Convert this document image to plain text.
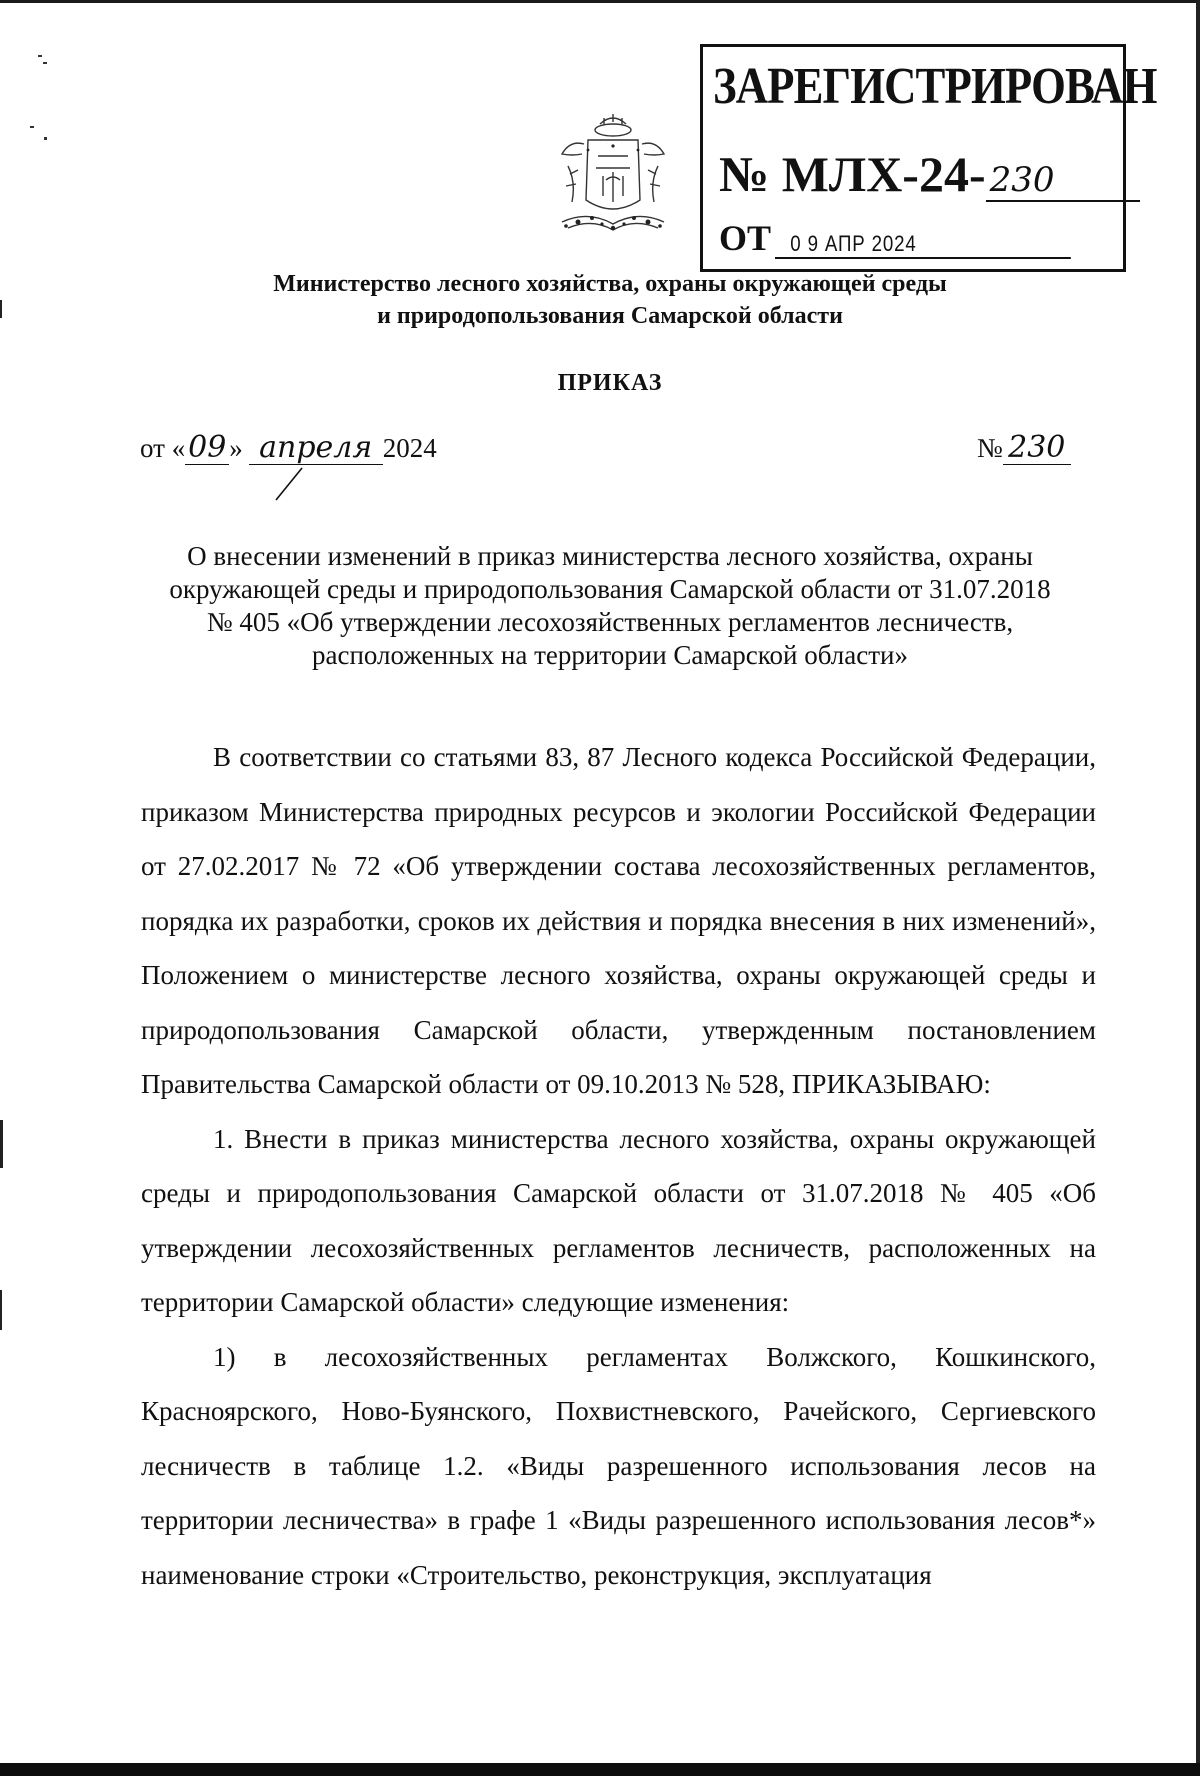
ЗАРЕГИСТРИРОВАН
№ МЛХ-24- 230
ОТ 0 9 АПР 2024
Министерство лесного хозяйства, охраны окружающей среды
и природопользования Самарской области
ПРИКАЗ
от «09 » апреля 2024	№ 230
О внесении изменений в приказ министерства лесного хозяйства, охраны
окружающей среды и природопользования Самарской области от 31.07.2018
№ 405 «Об утверждении лесохозяйственных регламентов лесничеств,
расположенных на территории Самарской области»

В соответствии со статьями 83, 87 Лесного кодекса Российской Федерации, приказом Министерства природных ресурсов и экологии Российской Федерации от 27.02.2017 № 72 «Об утверждении состава лесохозяйственных регламентов, порядка их разработки, сроков их действия и порядка внесения в них изменений», Положением о министерстве лесного хозяйства, охраны окружающей среды и природопользования Самарской области, утвержденным постановлением Правительства Самарской области от 09.10.2013 № 528, ПРИКАЗЫВАЮ:

1. Внести в приказ министерства лесного хозяйства, охраны окружающей среды и природопользования Самарской области от 31.07.2018 № 405 «Об утверждении лесохозяйственных регламентов лесничеств, расположенных на территории Самарской области» следующие изменения:

1) в лесохозяйственных регламентах Волжского, Кошкинского, Красноярского, Ново-Буянского, Похвистневского, Рачейского, Сергиевского лесничеств в таблице 1.2. «Виды разрешенного использования лесов на территории лесничества» в графе 1 «Виды разрешенного использования лесов*» наименование строки «Строительство, реконструкция, эксплуатация
